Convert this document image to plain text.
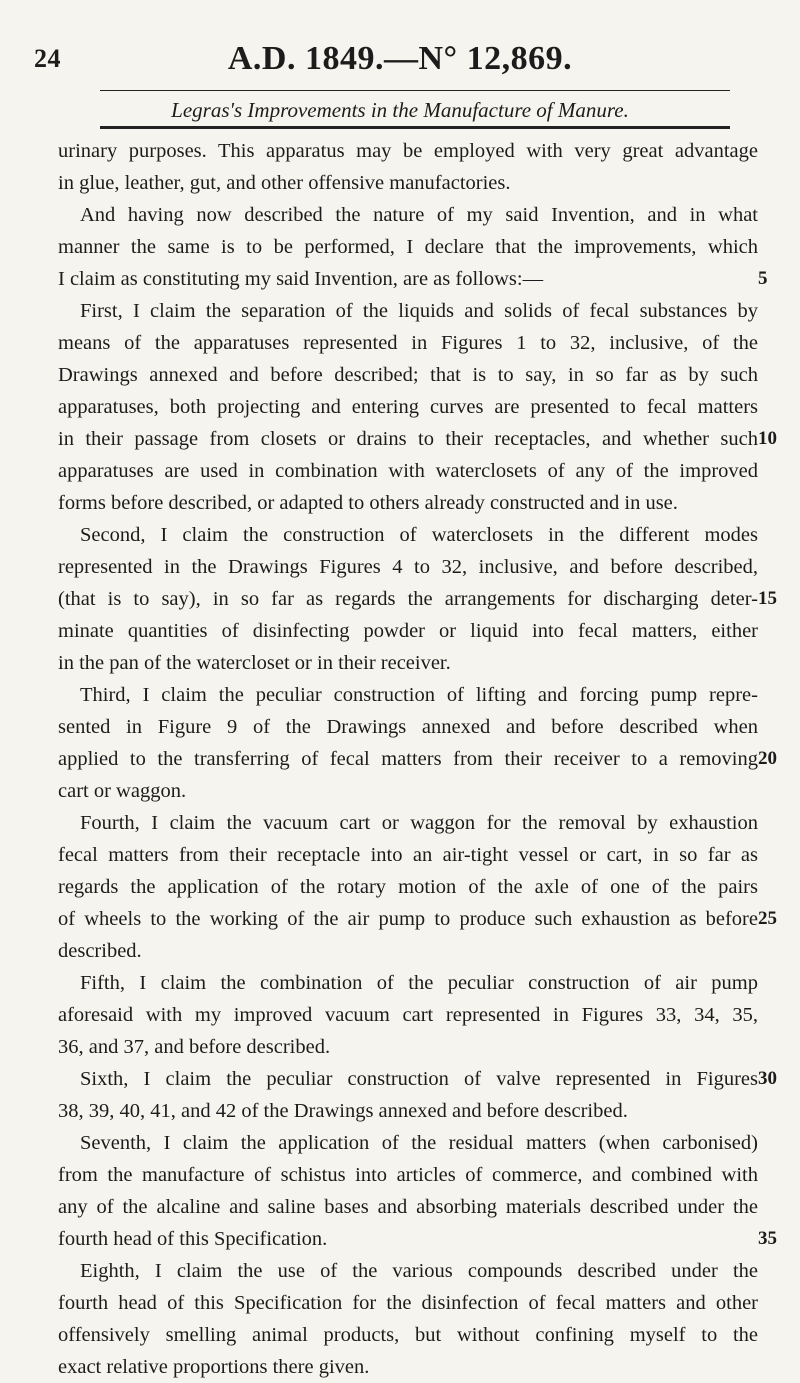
24	A.D. 1849.—N° 12,869.
Legras's Improvements in the Manufacture of Manure.
urinary purposes. This apparatus may be employed with very great advantage
in glue, leather, gut, and other offensive manufactories.
And having now described the nature of my said Invention, and in what
manner the same is to be performed, I declare that the improvements, which
I claim as constituting my said Invention, are as follows:—	5
First, I claim the separation of the liquids and solids of fecal substances by
means of the apparatuses represented in Figures 1 to 32, inclusive, of the
Drawings annexed and before described; that is to say, in so far as by such
apparatuses, both projecting and entering curves are presented to fecal matters
in their passage from closets or drains to their receptacles, and whether such 10
apparatuses are used in combination with waterclosets of any of the improved
forms before described, or adapted to others already constructed and in use.
Second, I claim the construction of waterclosets in the different modes
represented in the Drawings Figures 4 to 32, inclusive, and before described,
(that is to say), in so far as regards the arrangements for discharging deter- 15
minate quantities of disinfecting powder or liquid into fecal matters, either
in the pan of the watercloset or in their receiver.
Third, I claim the peculiar construction of lifting and forcing pump repre-
sented in Figure 9 of the Drawings annexed and before described when
applied to the transferring of fecal matters from their receiver to a removing 20
cart or waggon.
Fourth, I claim the vacuum cart or waggon for the removal by exhaustion
fecal matters from their receptacle into an air-tight vessel or cart, in so far as
regards the application of the rotary motion of the axle of one of the pairs
of wheels to the working of the air pump to produce such exhaustion as before 25
described.
Fifth, I claim the combination of the peculiar construction of air pump
aforesaid with my improved vacuum cart represented in Figures 33, 34, 35,
36, and 37, and before described.
Sixth, I claim the peculiar construction of valve represented in Figures 30
38, 39, 40, 41, and 42 of the Drawings annexed and before described.
Seventh, I claim the application of the residual matters (when carbonised)
from the manufacture of schistus into articles of commerce, and combined with
any of the alcaline and saline bases and absorbing materials described under the
fourth head of this Specification.	35
Eighth, I claim the use of the various compounds described under the
fourth head of this Specification for the disinfection of fecal matters and other
offensively smelling animal products, but without confining myself to the
exact relative proportions there given.
